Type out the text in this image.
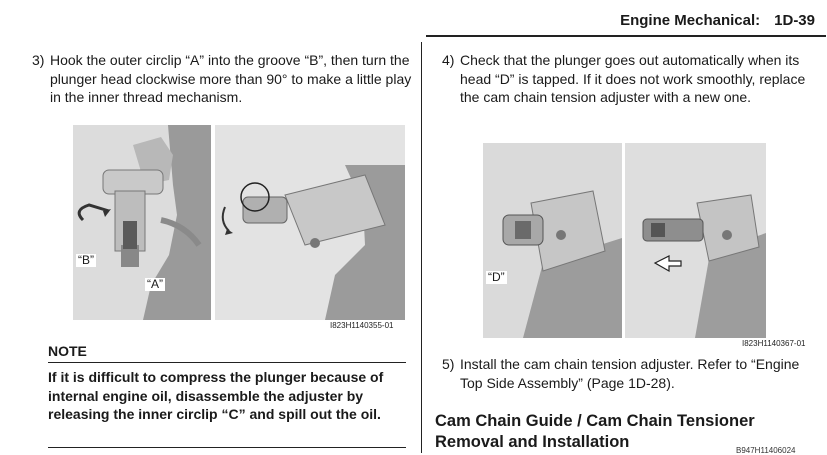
Engine Mechanical: 1D-39
3) Hook the outer circlip “A” into the groove “B”, then turn the plunger head clockwise more than 90° to make a little play in the inner thread mechanism.
“B”
“A”
I823H1140355-01
NOTE
If it is difficult to compress the plunger because of internal engine oil, disassemble the adjuster by releasing the inner circlip “C” and spill out the oil.
4) Check that the plunger goes out automatically when its head “D” is tapped. If it does not work smoothly, replace the cam chain tension adjuster with a new one.
“D”
I823H1140367-01
5) Install the cam chain tension adjuster. Refer to “Engine Top Side Assembly” (Page 1D-28).
Cam Chain Guide / Cam Chain Tensioner
Removal and Installation	B947H11406024
